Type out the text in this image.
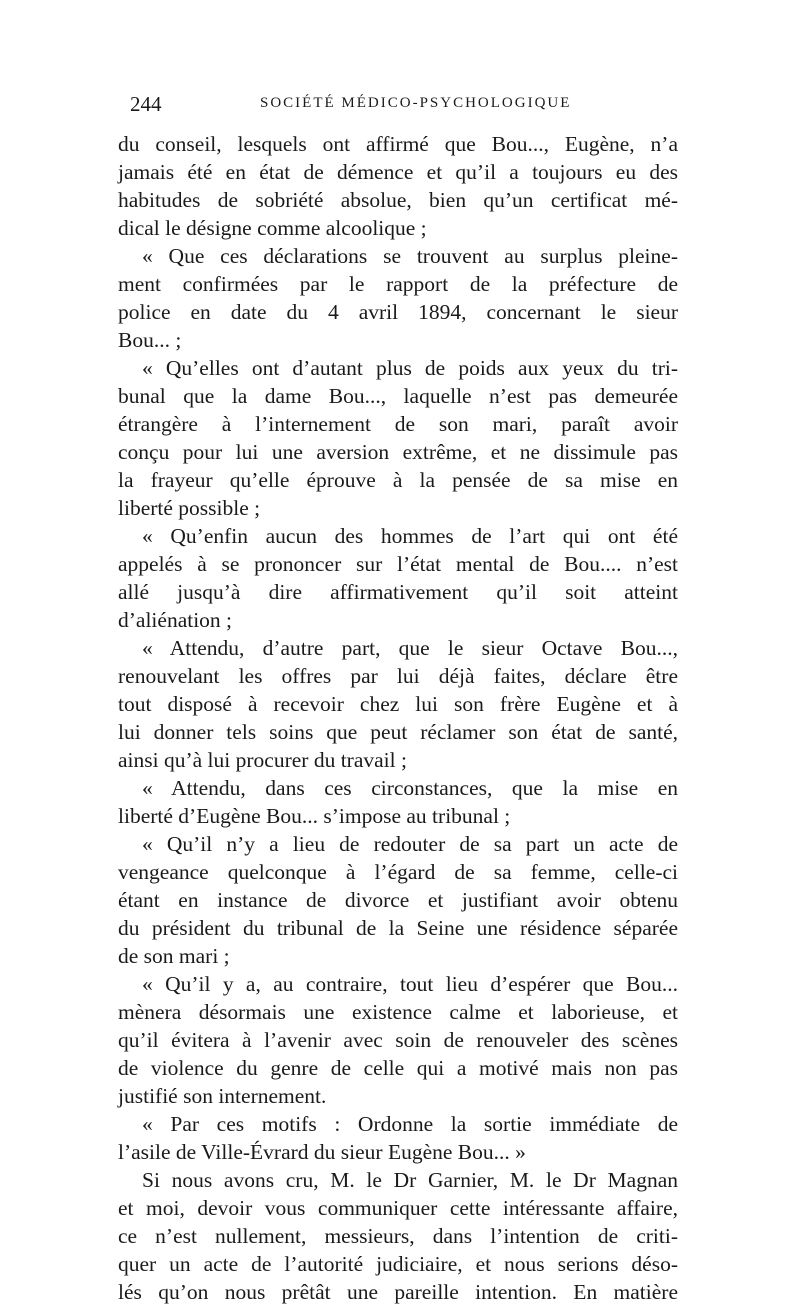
244	SOCIÉTÉ MÉDICO-PSYCHOLOGIQUE
du conseil, lesquels ont affirmé que Bou..., Eugène, n’a
jamais été en état de démence et qu’il a toujours eu des
habitudes de sobriété absolue, bien qu’un certificat mé-
dical le désigne comme alcoolique ;
« Que ces déclarations se trouvent au surplus pleine-
ment confirmées par le rapport de la préfecture de
police en date du 4 avril 1894, concernant le sieur
Bou... ;
« Qu’elles ont d’autant plus de poids aux yeux du tri-
bunal que la dame Bou..., laquelle n’est pas demeurée
étrangère à l’internement de son mari, paraît avoir
conçu pour lui une aversion extrême, et ne dissimule pas
la frayeur qu’elle éprouve à la pensée de sa mise en
liberté possible ;
« Qu’enfin aucun des hommes de l’art qui ont été
appelés à se prononcer sur l’état mental de Bou.... n’est
allé jusqu’à dire affirmativement qu’il soit atteint
d’aliénation ;
« Attendu, d’autre part, que le sieur Octave Bou...,
renouvelant les offres par lui déjà faites, déclare être
tout disposé à recevoir chez lui son frère Eugène et à
lui donner tels soins que peut réclamer son état de santé,
ainsi qu’à lui procurer du travail ;
« Attendu, dans ces circonstances, que la mise en
liberté d’Eugène Bou... s’impose au tribunal ;
« Qu’il n’y a lieu de redouter de sa part un acte de
vengeance quelconque à l’égard de sa femme, celle-ci
étant en instance de divorce et justifiant avoir obtenu
du président du tribunal de la Seine une résidence séparée
de son mari ;
« Qu’il y a, au contraire, tout lieu d’espérer que Bou...
mènera désormais une existence calme et laborieuse, et
qu’il évitera à l’avenir avec soin de renouveler des scènes
de violence du genre de celle qui a motivé mais non pas
justifié son internement.
« Par ces motifs : Ordonne la sortie immédiate de
l’asile de Ville-Évrard du sieur Eugène Bou... »
Si nous avons cru, M. le Dr Garnier, M. le Dr Magnan
et moi, devoir vous communiquer cette intéressante affaire,
ce n’est nullement, messieurs, dans l’intention de criti-
quer un acte de l’autorité judiciaire, et nous serions déso-
lés qu’on nous prêtât une pareille intention. En matière
